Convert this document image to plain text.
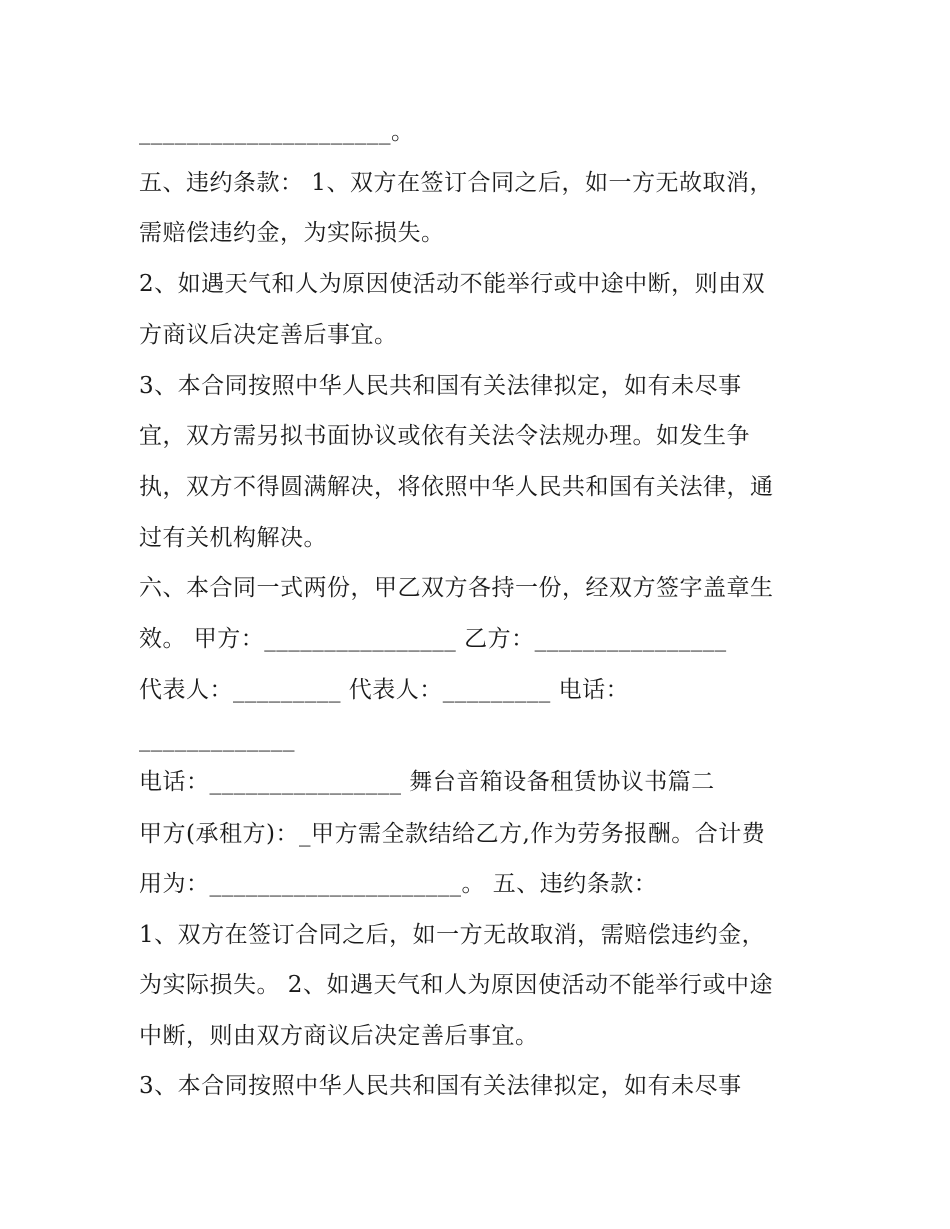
_____________________。
五、违约条款： 1、双方在签订合同之后，如一方无故取消，
需赔偿违约金，为实际损失。
2、如遇天气和人为原因使活动不能举行或中途中断，则由双
方商议后决定善后事宜。
3、本合同按照中华人民共和国有关法律拟定，如有未尽事
宜，双方需另拟书面协议或依有关法令法规办理。如发生争
执，双方不得圆满解决，将依照中华人民共和国有关法律，通
过有关机构解决。
六、本合同一式两份，甲乙双方各持一份，经双方签字盖章生
效。 甲方：________________ 乙方：________________
代表人：_________ 代表人：_________ 电话：
_____________
电话：________________ 舞台音箱设备租赁协议书篇二
甲方(承租方)：_甲方需全款结给乙方,作为劳务报酬。合计费
用为：_____________________。 五、违约条款：
1、双方在签订合同之后，如一方无故取消，需赔偿违约金，
为实际损失。 2、如遇天气和人为原因使活动不能举行或中途
中断，则由双方商议后决定善后事宜。
3、本合同按照中华人民共和国有关法律拟定，如有未尽事
